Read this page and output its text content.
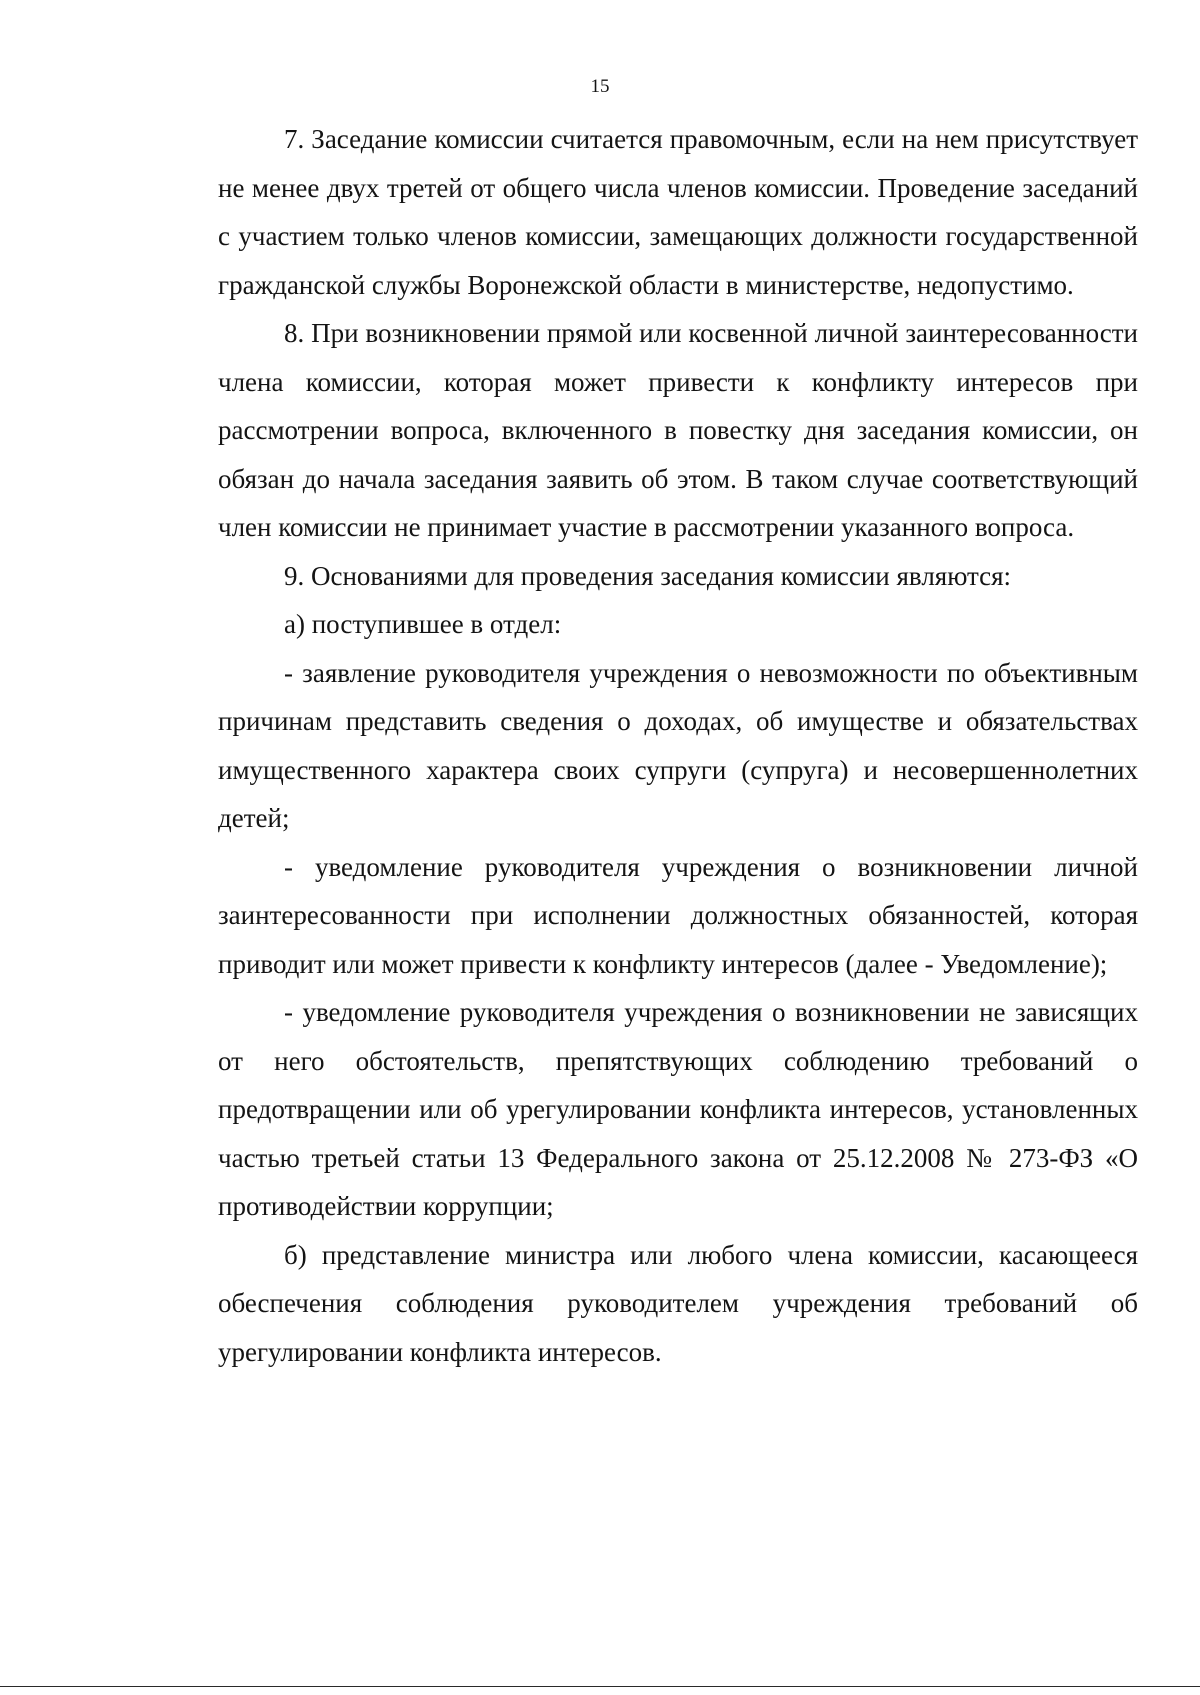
15

7. Заседание комиссии считается правомочным, если на нем присутствует не менее двух третей от общего числа членов комиссии. Проведение заседаний с участием только членов комиссии, замещающих должности государственной гражданской службы Воронежской области в министерстве, недопустимо.

8. При возникновении прямой или косвенной личной заинтересованности члена комиссии, которая может привести к конфликту интересов при рассмотрении вопроса, включенного в повестку дня заседания комиссии, он обязан до начала заседания заявить об этом. В таком случае соответствующий член комиссии не принимает участие в рассмотрении указанного вопроса.

9. Основаниями для проведения заседания комиссии являются:

а) поступившее в отдел:

- заявление руководителя учреждения о невозможности по объективным причинам представить сведения о доходах, об имуществе и обязательствах имущественного характера своих супруги (супруга) и несовершеннолетних детей;

- уведомление руководителя учреждения о возникновении личной заинтересованности при исполнении должностных обязанностей, которая приводит или может привести к конфликту интересов (далее - Уведомление);

- уведомление руководителя учреждения о возникновении не зависящих от него обстоятельств, препятствующих соблюдению требований о предотвращении или об урегулировании конфликта интересов, установленных частью третьей статьи 13 Федерального закона от 25.12.2008 № 273-ФЗ «О противодействии коррупции;

б) представление министра или любого члена комиссии, касающееся обеспечения соблюдения руководителем учреждения требований об урегулировании конфликта интересов.
